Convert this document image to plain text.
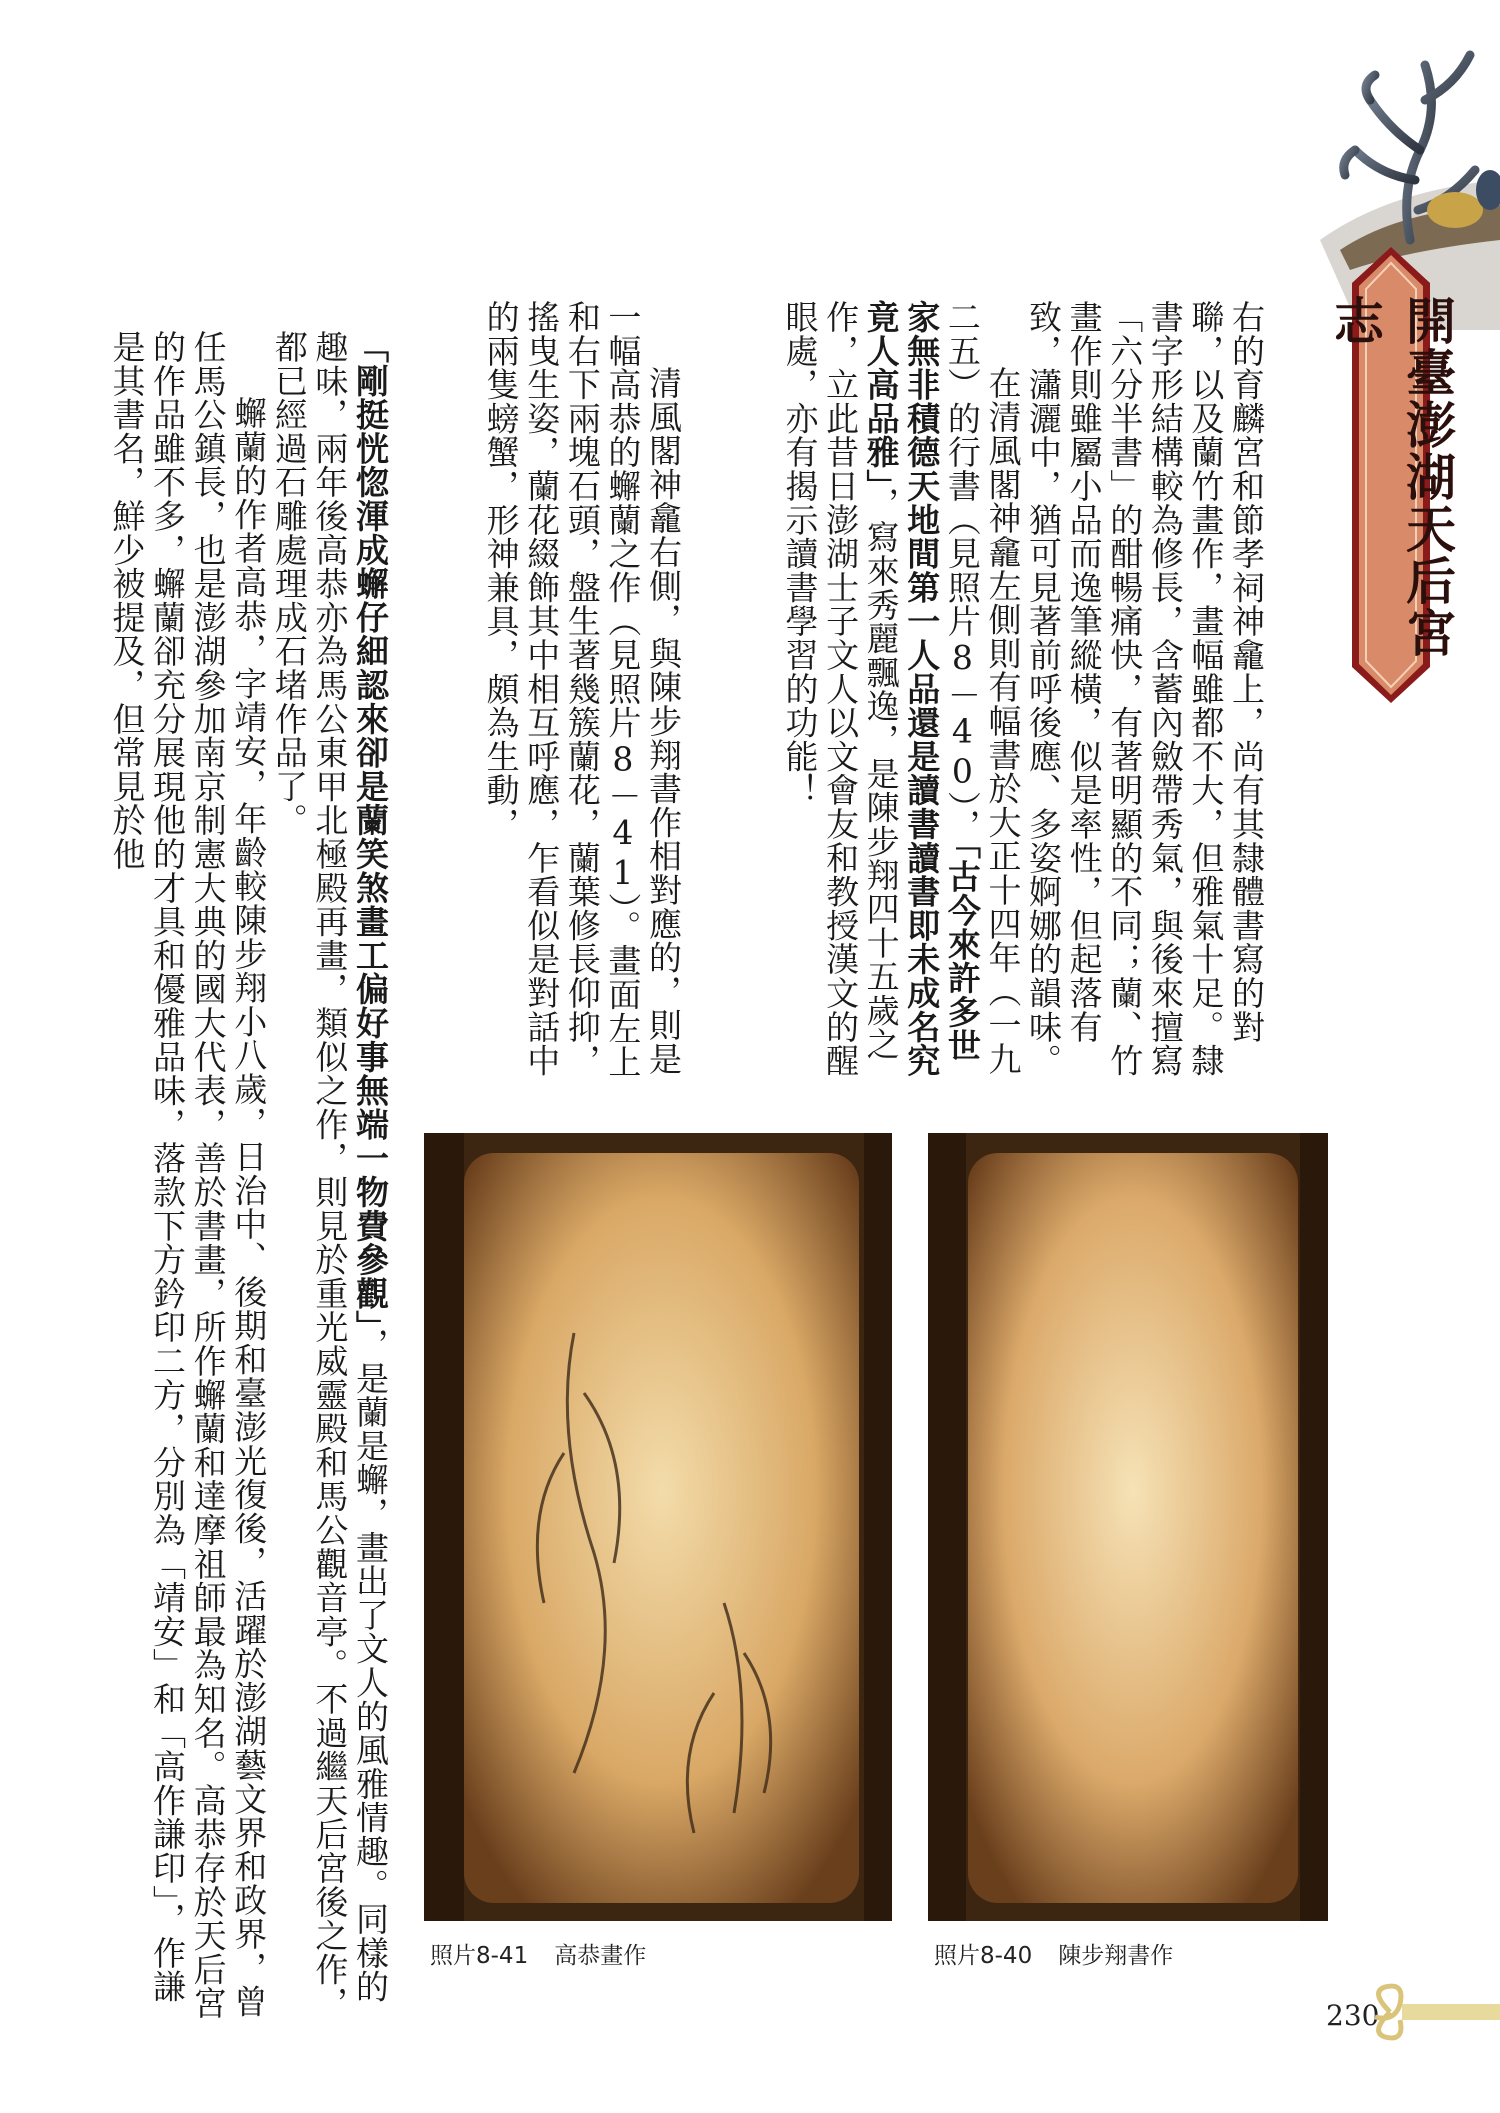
開臺澎湖天后宮志

右的育麟宮和節孝祠神龕上，尚有其隸體書寫的對聯，以及蘭竹畫作，畫幅雖都不大，但雅氣十足。隸書字形結構較為修長，含蓄內斂帶秀氣，與後來擅寫「六分半書」的酣暢痛快，有著明顯的不同；蘭、竹畫作則雖屬小品而逸筆縱橫，似是率性，但起落有致，瀟灑中，猶可見著前呼後應、多姿婀娜的韻味。

在清風閣神龕左側則有幅書於大正十四年（一九二五）的行書（見照片8－40），「古今來許多世家無非積德天地間第一人品還是讀書讀書即未成名究竟人高品雅」，寫來秀麗飄逸，是陳步翔四十五歲之作，立此昔日澎湖士子文人以文會友和教授漢文的醒眼處，亦有揭示讀書學習的功能！

清風閣神龕右側，與陳步翔書作相對應的，則是一幅高恭的蠏蘭之作（見照片8－41）。畫面左上和右下兩塊石頭，盤生著幾簇蘭花，蘭葉修長仰抑，搖曳生姿，蘭花綴飾其中相互呼應，乍看似是對話中的兩隻螃蟹，形神兼具，頗為生動，

「剛挺恍惚渾成蠏仔細認來卻是蘭笑煞畫工偏好事無端一物費參觀」，是蘭是蠏，畫出了文人的風雅情趣。同樣的趣味，兩年後高恭亦為馬公東甲北極殿再畫，類似之作，則見於重光威靈殿和馬公觀音亭。不過繼天后宮後之作，都已經過石雕處理成石堵作品了。

蠏蘭的作者高恭，字靖安，年齡較陳步翔小八歲，日治中、後期和臺澎光復後，活躍於澎湖藝文界和政界，曾任馬公鎮長，也是澎湖參加南京制憲大典的國大代表，善於書畫，所作蠏蘭和達摩祖師最為知名。高恭存於天后宮的作品雖不多，蠏蘭卻充分展現他的才具和優雅品味，落款下方鈐印二方，分別為「靖安」和「高作謙印」，作謙是其書名，鮮少被提及，但常見於他

照片8-41 高恭畫作	照片8-40 陳步翔書作
230
